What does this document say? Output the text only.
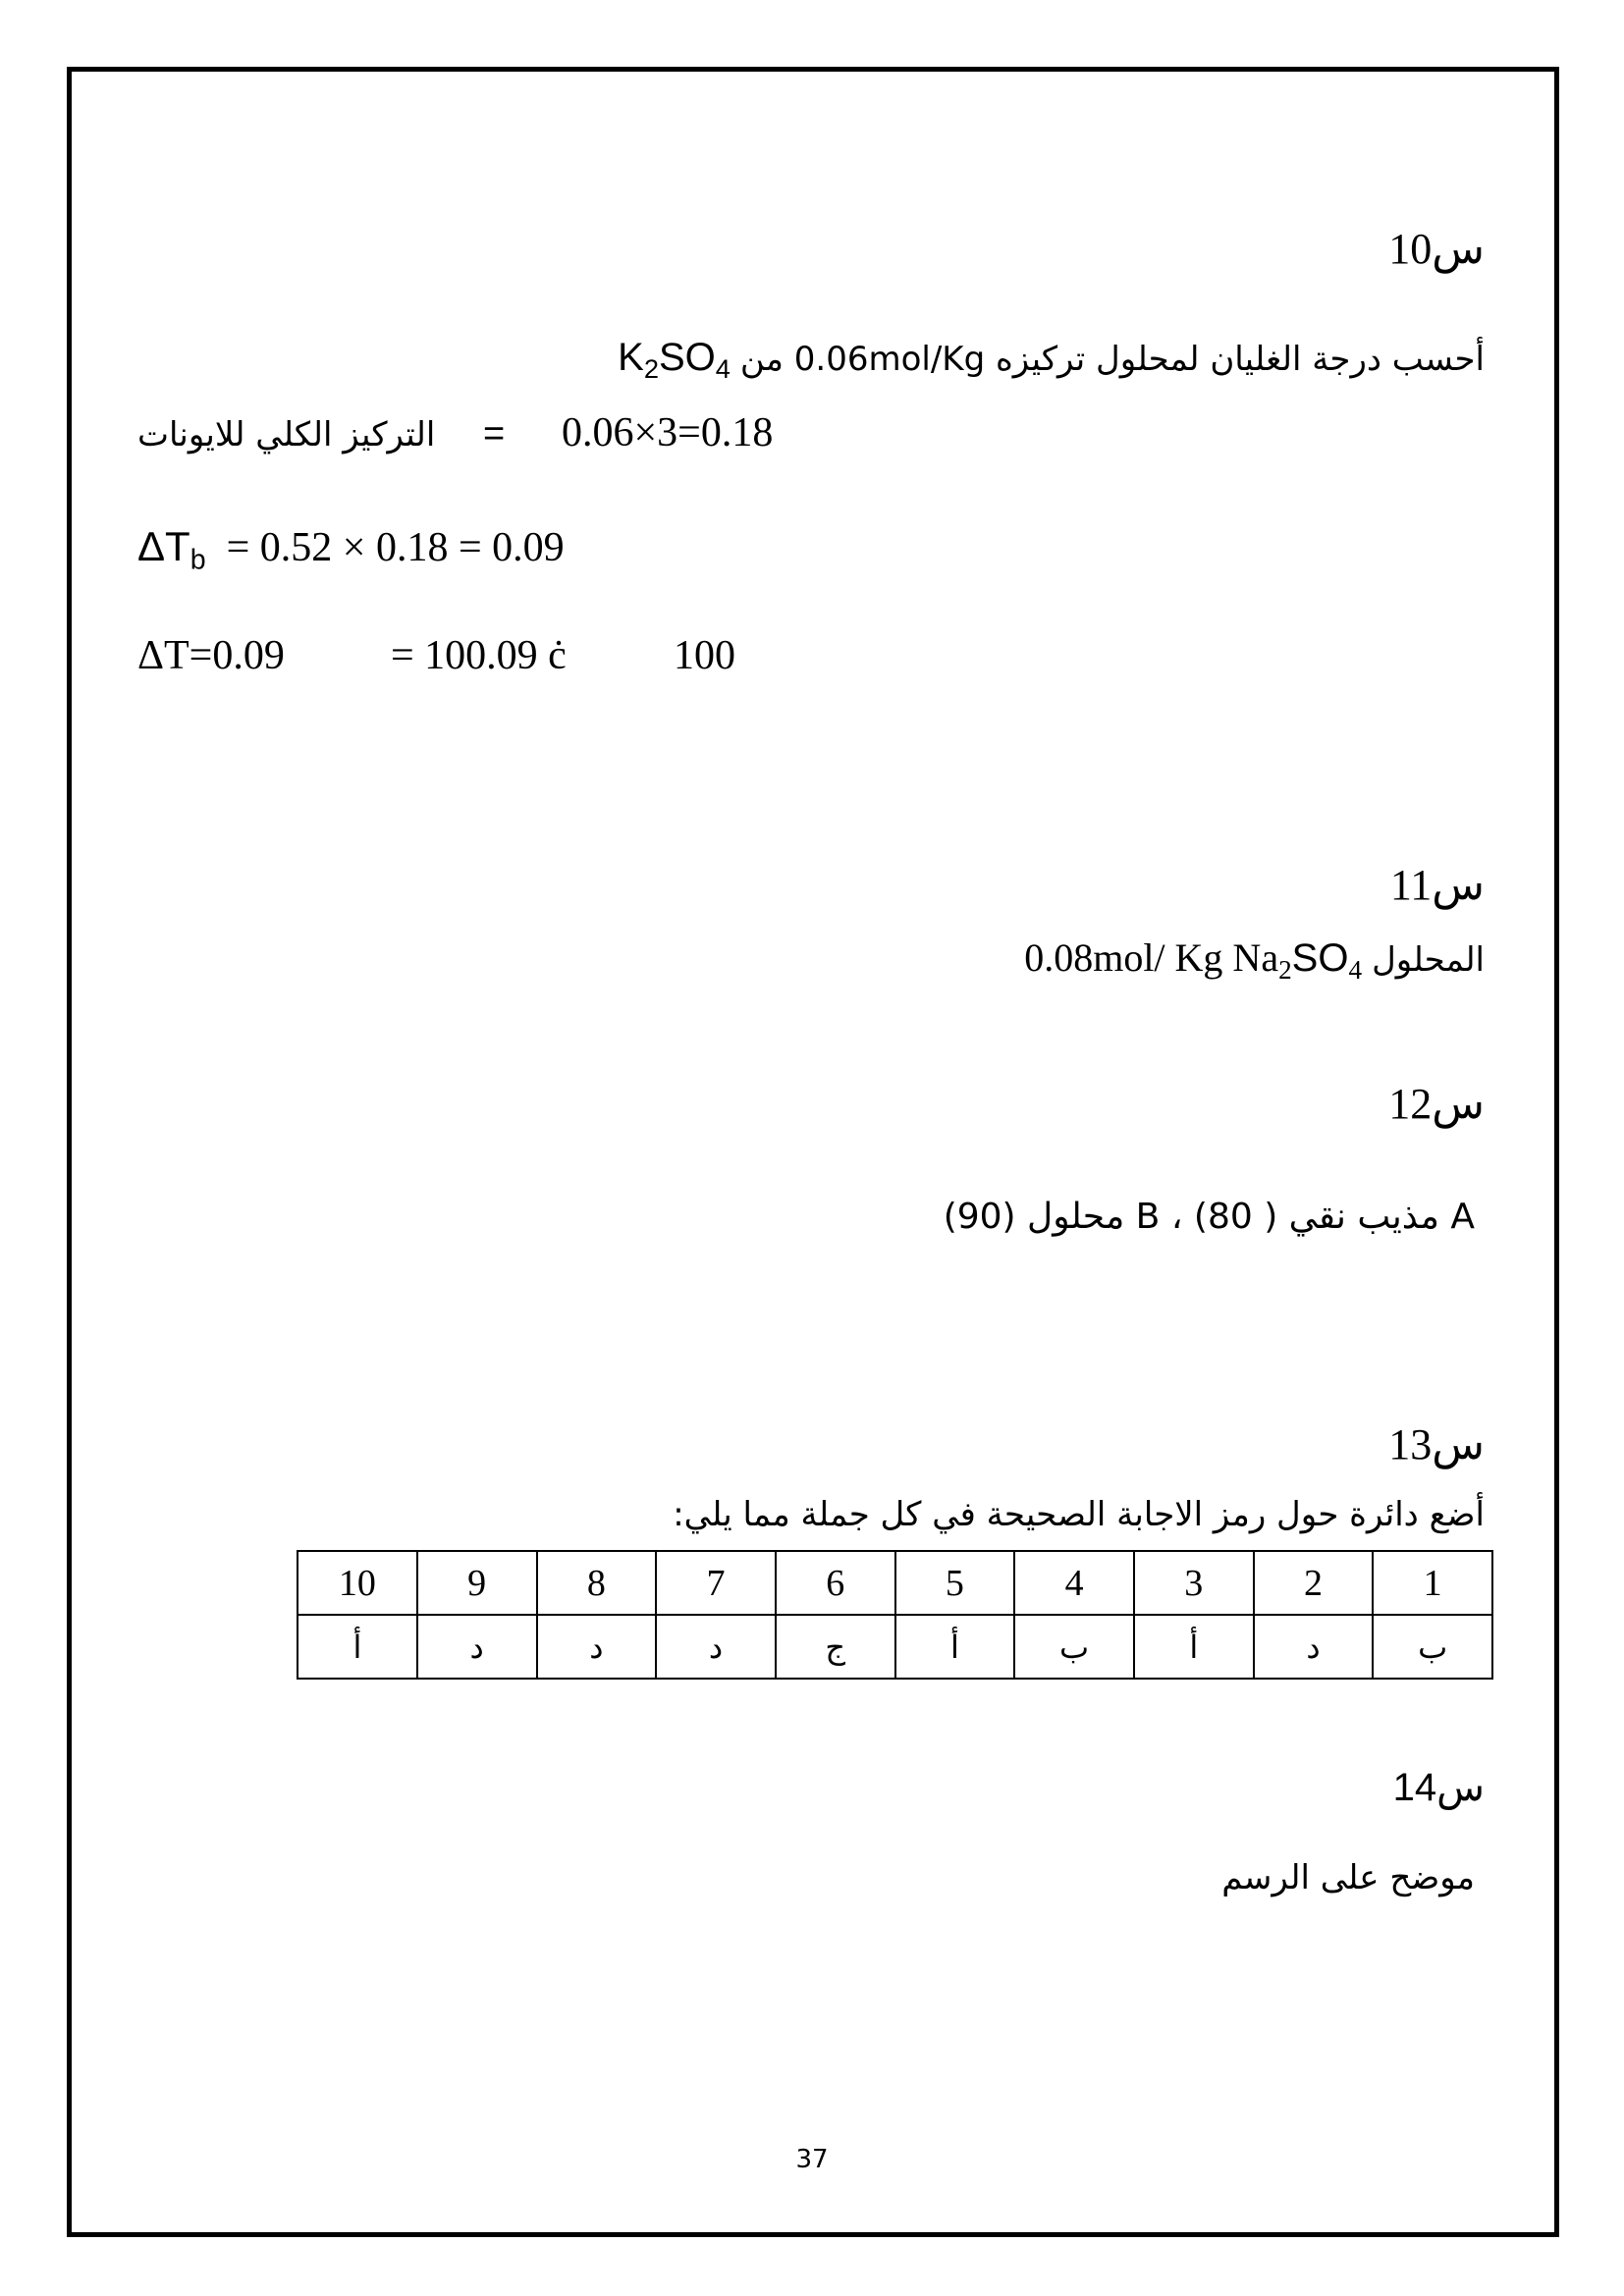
س10
$K_2SO_4$ أحسب درجة الغليان لمحلول تركيزه 0.06mol/Kg من
0.06×3=0.18
=
التركيز الكلي للايونات
$\Delta T_b = 0.52 \times 0.18 = 0.09$
ΔT=0.09	= 100.09 ċ	100
س11
0.08mol/ Kg $Na_2SO_4$ المحلول
س12
A مذيب نقي ( 80) ، B محلول (90)
س13
أضع دائرة حول رمز الاجابة الصحيحة في كل جملة مما يلي:
1	2	3	4	5	6	7	8	9	10
ب	د	أ	ب	أ	ج	د	د	د	أ
س14
موضح على الرسم
37
